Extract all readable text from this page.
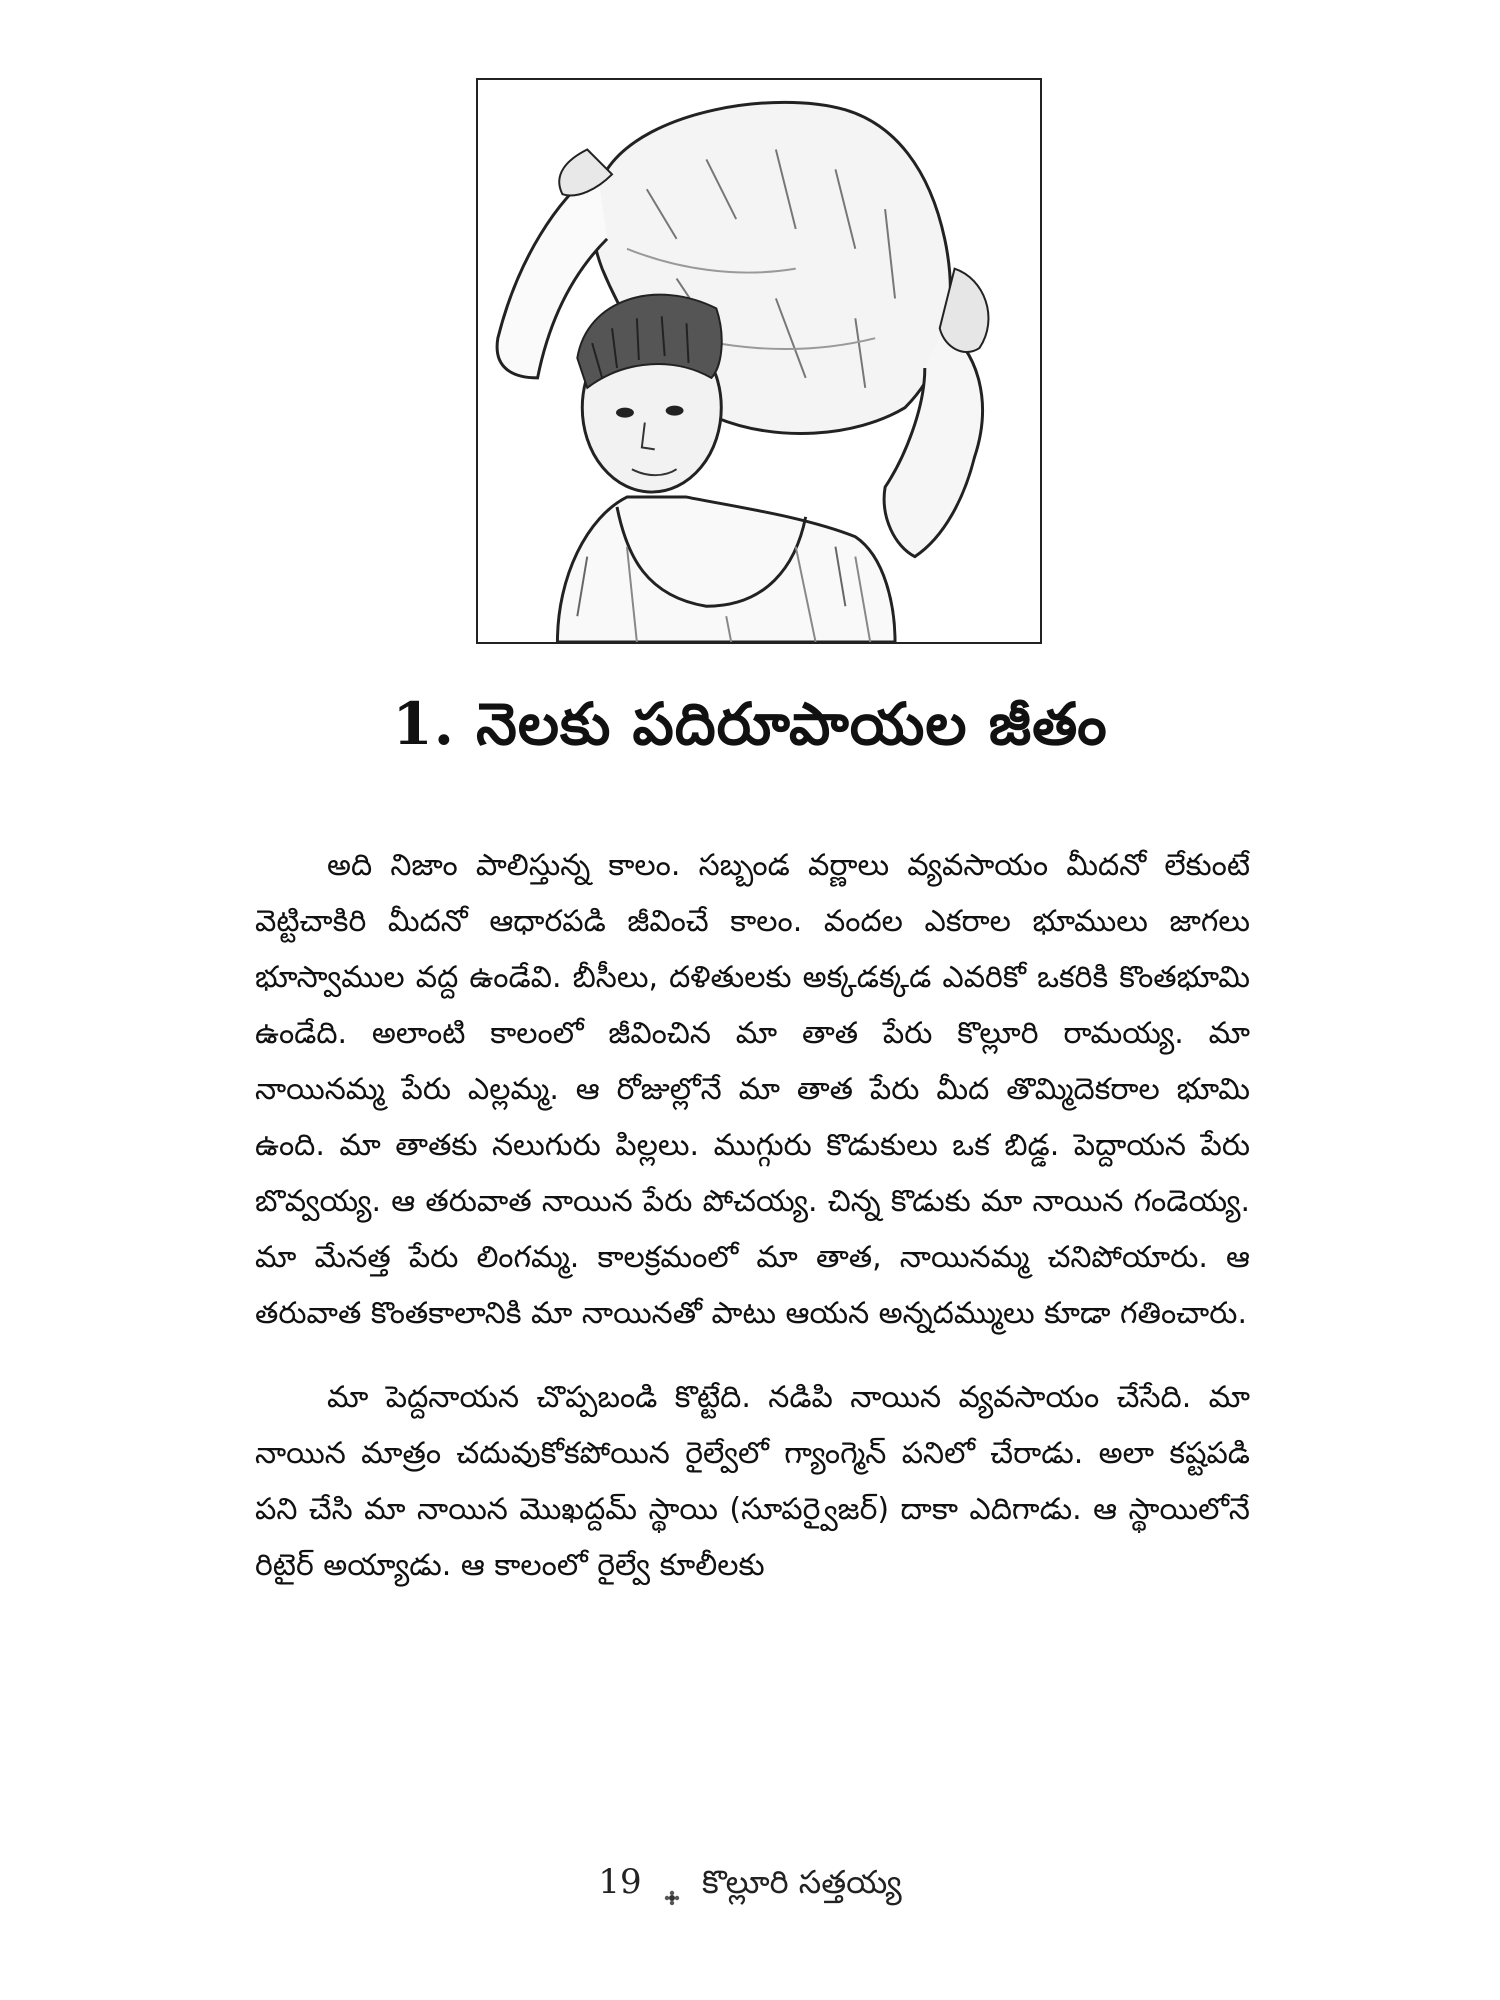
1. నెలకు పదిరూపాయల జీతం

అది నిజాం పాలిస్తున్న కాలం. సబ్బండ వర్ణాలు వ్యవసాయం మీదనో లేకుంటే వెట్టిచాకిరి మీదనో ఆధారపడి జీవించే కాలం. వందల ఎకరాల భూములు జాగలు భూస్వాముల వద్ద ఉండేవి. బీసీలు, దళితులకు అక్కడక్కడ ఎవరికో ఒకరికి కొంతభూమి ఉండేది. అలాంటి కాలంలో జీవించిన మా తాత పేరు కొల్లూరి రామయ్య. మా నాయినమ్మ పేరు ఎల్లమ్మ. ఆ రోజుల్లోనే మా తాత పేరు మీద తొమ్మిదెకరాల భూమి ఉంది. మా తాతకు నలుగురు పిల్లలు. ముగ్గురు కొడుకులు ఒక బిడ్డ. పెద్దాయన పేరు బొవ్వయ్య. ఆ తరువాత నాయిన పేరు పోచయ్య. చిన్న కొడుకు మా నాయిన గండెయ్య. మా మేనత్త పేరు లింగమ్మ. కాలక్రమంలో మా తాత, నాయినమ్మ చనిపోయారు. ఆ తరువాత కొంతకాలానికి మా నాయినతో పాటు ఆయన అన్నదమ్ములు కూడా గతించారు.

మా పెద్దనాయన చొప్పబండి కొట్టేది. నడిపి నాయిన వ్యవసాయం చేసేది. మా నాయిన మాత్రం చదువుకోకపోయిన రైల్వేలో గ్యాంగ్మెన్ పనిలో చేరాడు. అలా కష్టపడి పని చేసి మా నాయిన మొఖద్దమ్ స్థాయి (సూపర్వైజర్) దాకా ఎదిగాడు. ఆ స్థాయిలోనే రిటైర్ అయ్యాడు. ఆ కాలంలో రైల్వే కూలీలకు

19 కొల్లూరి సత్తయ్య
